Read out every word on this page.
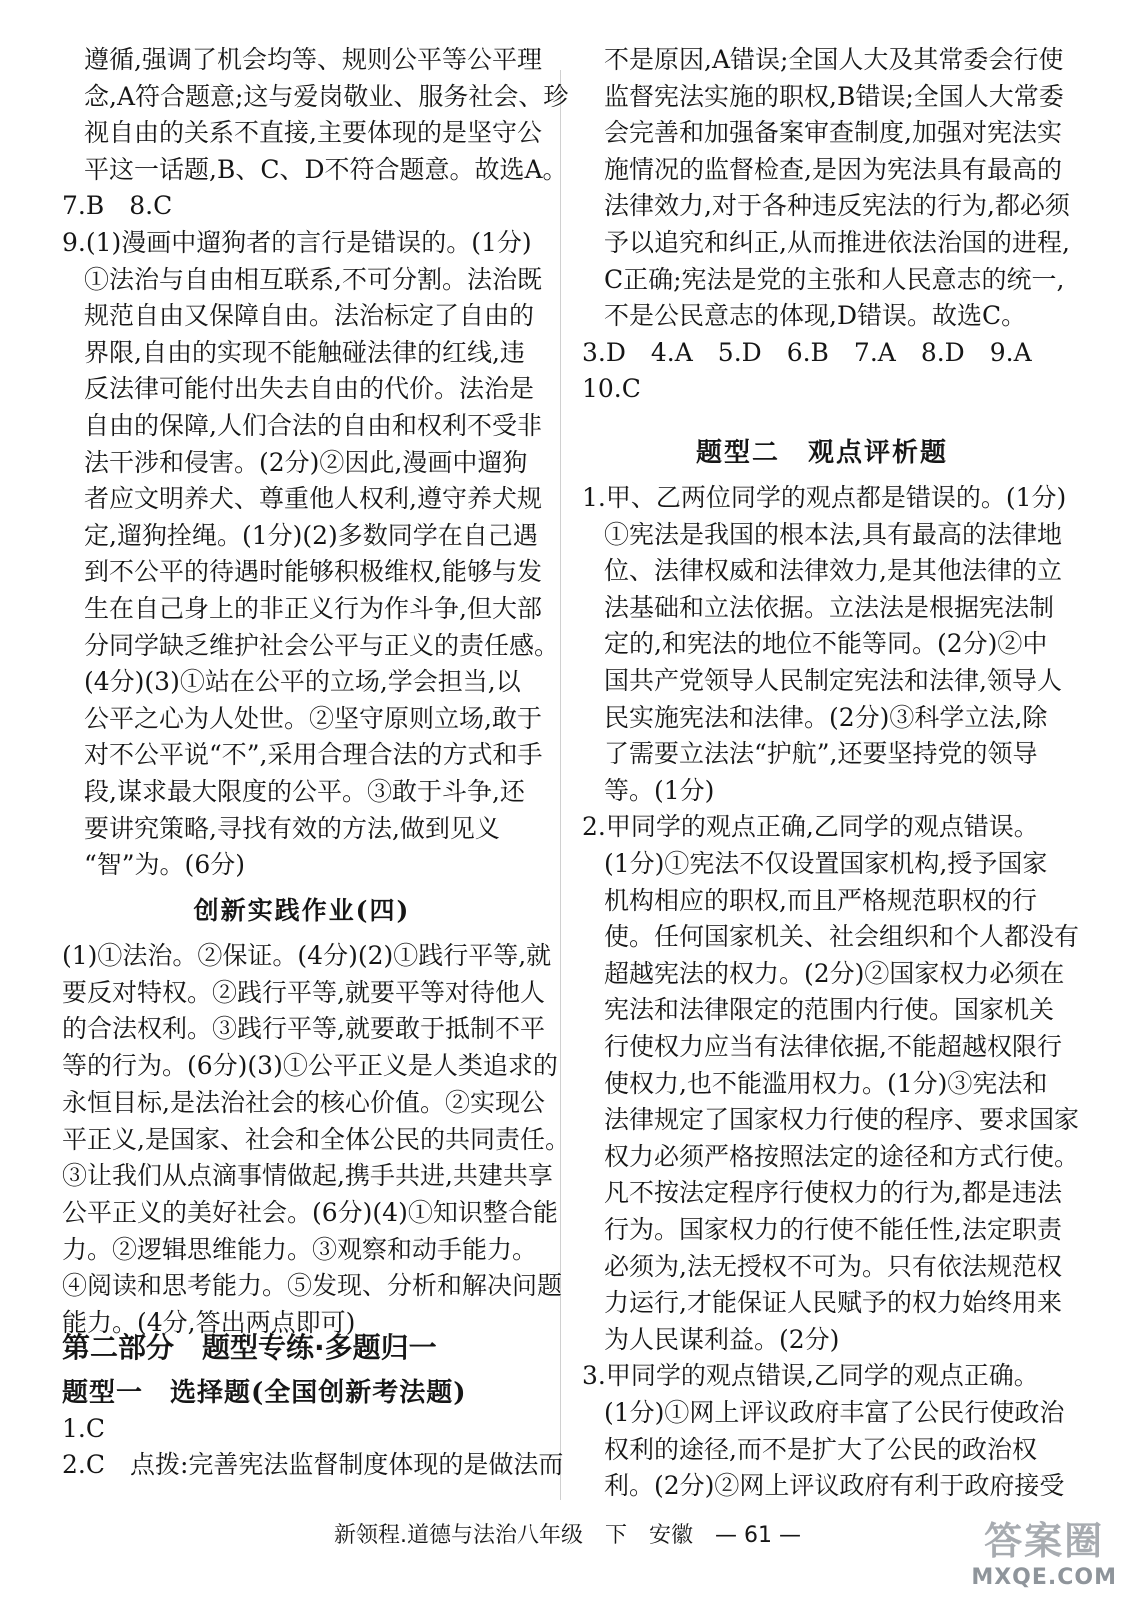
遵循,强调了机会均等、规则公平等公平理
念,A符合题意;这与爱岗敬业、服务社会、珍
视自由的关系不直接,主要体现的是坚守公
平这一话题,B、C、D不符合题意。故选A。
7.B　8.C
9.(1)漫画中遛狗者的言行是错误的。(1分)
①法治与自由相互联系,不可分割。法治既
规范自由又保障自由。法治标定了自由的
界限,自由的实现不能触碰法律的红线,违
反法律可能付出失去自由的代价。法治是
自由的保障,人们合法的自由和权利不受非
法干涉和侵害。(2分)②因此,漫画中遛狗
者应文明养犬、尊重他人权利,遵守养犬规
定,遛狗拴绳。(1分)(2)多数同学在自己遇
到不公平的待遇时能够积极维权,能够与发
生在自己身上的非正义行为作斗争,但大部
分同学缺乏维护社会公平与正义的责任感。
(4分)(3)①站在公平的立场,学会担当,以
公平之心为人处世。②坚守原则立场,敢于
对不公平说“不”,采用合理合法的方式和手
段,谋求最大限度的公平。③敢于斗争,还
要讲究策略,寻找有效的方法,做到见义
“智”为。(6分)
创新实践作业(四)
(1)①法治。②保证。(4分)(2)①践行平等,就
要反对特权。②践行平等,就要平等对待他人
的合法权利。③践行平等,就要敢于抵制不平
等的行为。(6分)(3)①公平正义是人类追求的
永恒目标,是法治社会的核心价值。②实现公
平正义,是国家、社会和全体公民的共同责任。
③让我们从点滴事情做起,携手共进,共建共享
公平正义的美好社会。(6分)(4)①知识整合能
力。②逻辑思维能力。③观察和动手能力。
④阅读和思考能力。⑤发现、分析和解决问题
能力。(4分,答出两点即可)
第二部分　题型专练·多题归一
题型一　选择题(全国创新考法题)
1.C
2.C　点拨:完善宪法监督制度体现的是做法而
不是原因,A错误;全国人大及其常委会行使
监督宪法实施的职权,B错误;全国人大常委
会完善和加强备案审查制度,加强对宪法实
施情况的监督检查,是因为宪法具有最高的
法律效力,对于各种违反宪法的行为,都必须
予以追究和纠正,从而推进依法治国的进程,
C正确;宪法是党的主张和人民意志的统一,
不是公民意志的体现,D错误。故选C。
3.D　4.A　5.D　6.B　7.A　8.D　9.A
10.C
题型二　观点评析题
1.甲、乙两位同学的观点都是错误的。(1分)
①宪法是我国的根本法,具有最高的法律地
位、法律权威和法律效力,是其他法律的立
法基础和立法依据。立法法是根据宪法制
定的,和宪法的地位不能等同。(2分)②中
国共产党领导人民制定宪法和法律,领导人
民实施宪法和法律。(2分)③科学立法,除
了需要立法法“护航”,还要坚持党的领导
等。(1分)
2.甲同学的观点正确,乙同学的观点错误。
(1分)①宪法不仅设置国家机构,授予国家
机构相应的职权,而且严格规范职权的行
使。任何国家机关、社会组织和个人都没有
超越宪法的权力。(2分)②国家权力必须在
宪法和法律限定的范围内行使。国家机关
行使权力应当有法律依据,不能超越权限行
使权力,也不能滥用权力。(1分)③宪法和
法律规定了国家权力行使的程序、要求国家
权力必须严格按照法定的途径和方式行使。
凡不按法定程序行使权力的行为,都是违法
行为。国家权力的行使不能任性,法定职责
必须为,法无授权不可为。只有依法规范权
力运行,才能保证人民赋予的权力始终用来
为人民谋利益。(2分)
3.甲同学的观点错误,乙同学的观点正确。
(1分)①网上评议政府丰富了公民行使政治
权利的途径,而不是扩大了公民的政治权
利。(2分)②网上评议政府有利于政府接受
新领程.道德与法治八年级　下　安徽　— 61 —	答案圈
MXQE.COM
